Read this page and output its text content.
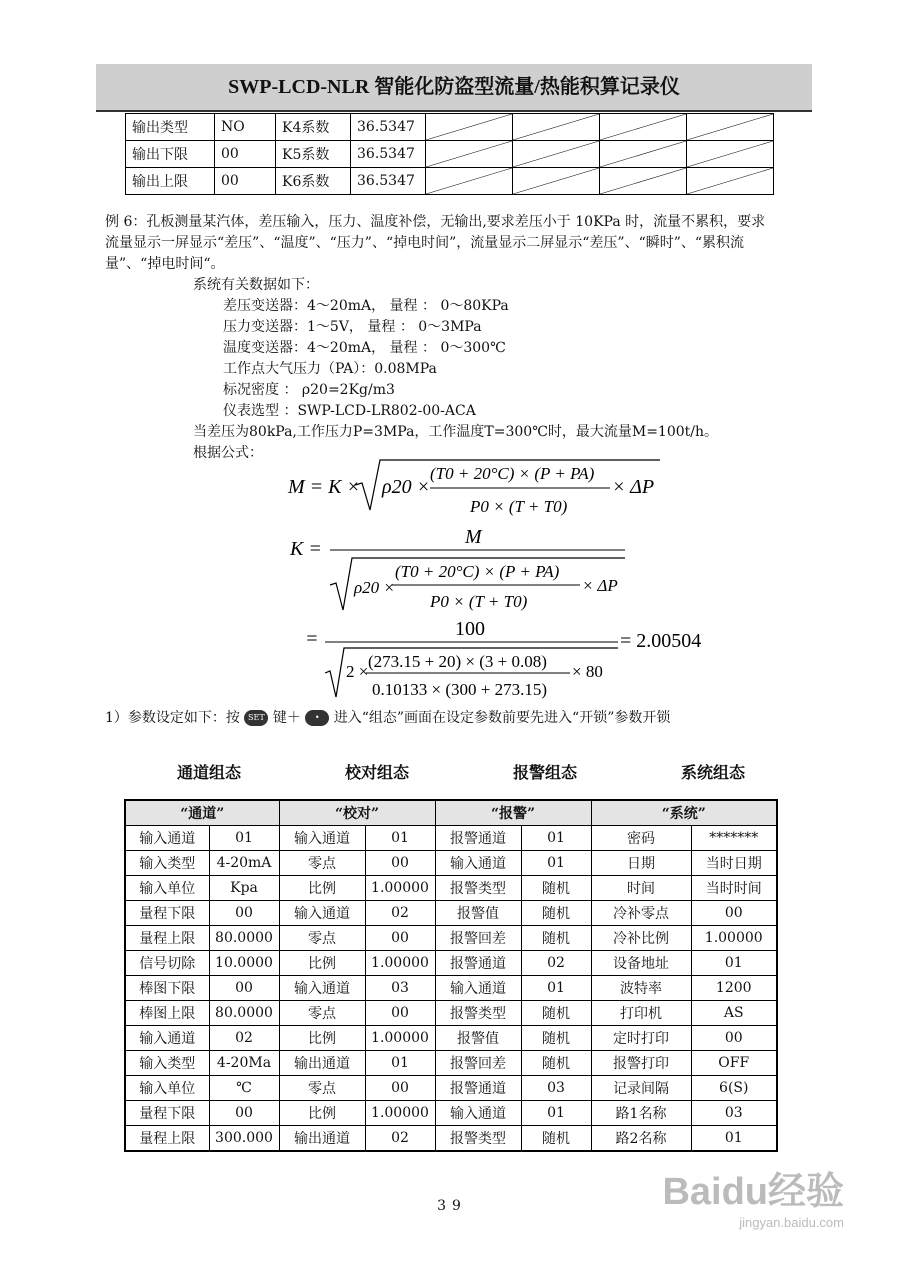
SWP-LCD-NLR 智能化防盗型流量/热能积算记录仪
输出类型	NO	K4系数	36.5347	

输出下限	00	K5系数	36.5347	

输出上限	00	K6系数	36.5347	

例 6：孔板测量某汽体，差压输入，压力、温度补偿，无输出,要求差压小于 10KPa 时，流量不累积，要求
流量显示一屏显示“差压”、“温度”、“压力”、“掉电时间”，流量显示二屏显示“差压”、“瞬时”、“累积流
量”、“掉电时间“。
系统有关数据如下：
差压变送器：4～20mA， 量程 ： 0～80KPa
压力变送器：1～5V， 量程 ： 0～3MPa
温度变送器：4～20mA， 量程 ： 0～300℃
工作点大气压力（PA）：0.08MPa
标况密度 ： ρ20=2Kg/m3
仪表选型 ：SWP-LCD-LR802-00-ACA
当差压为80kPa,工作压力P=3MPa，工作温度T=300℃时，最大流量M=100t/h。
根据公式：
M = K × ρ20 ×
(T0 + 20°C) × (P + PA)
P0 × (T + T0)
× ΔP
K =
M
ρ20 ×
(T0 + 20°C) × (P + PA)
P0 × (T + T0)
× ΔP
=	100
2 ×
(273.15 + 20) × (3 + 0.08)
0.10133 × (300 + 273.15)
× 80
= 2.00504
1）参数设定如下：按 SET 键＋ • 进入“组态”画面在设定参数前要先进入“开锁”参数开锁
通道组态	校对组态	报警组态	系统组态
“通道”		“校对”		“报警”		“系统”	
输入通道	01	输入通道	01	报警通道	01	密码	*******
输入类型	4-20mA	零点	00	输入通道	01	日期	当时日期
输入单位	Kpa	比例	1.00000	报警类型	随机	时间	当时时间
量程下限	00	输入通道	02	报警值	随机	冷补零点	00
量程上限	80.0000	零点	00	报警回差	随机	冷补比例	1.00000
信号切除	10.0000	比例	1.00000	报警通道	02	设备地址	01
棒图下限	00	输入通道	03	输入通道	01	波特率	1200
棒图上限	80.0000	零点	00	报警类型	随机	打印机	AS
输入通道	02	比例	1.00000	报警值	随机	定时打印	00
输入类型	4-20Ma	输出通道	01	报警回差	随机	报警打印	OFF
输入单位	℃	零点	00	报警通道	03	记录间隔	6(S)
量程下限	00	比例	1.00000	输入通道	01	路1名称	03
量程上限	300.000	输出通道	02	报警类型	随机	路2名称	01
39	Baidu经验
jingyan.baidu.com
